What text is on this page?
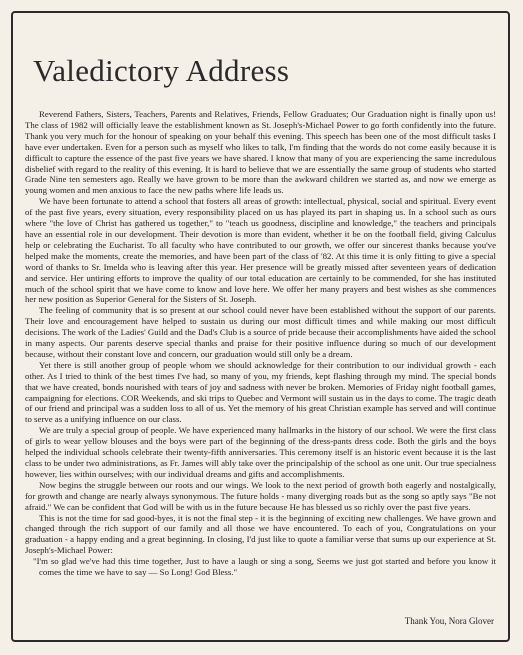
Valedictory Address

Reverend Fathers, Sisters, Teachers, Parents and Relatives, Friends, Fellow Graduates; Our Graduation night is finally upon us! The class of 1982 will officially leave the establishment known as St. Joseph's-Michael Power to go forth confidently into the future. Thank you very much for the honour of speaking on your behalf this evening. This speech has been one of the most difficult tasks I have ever undertaken. Even for a person such as myself who likes to talk, I'm finding that the words do not come easily because it is difficult to capture the essence of the past five years we have shared. I know that many of you are experiencing the same incredulous disbelief with regard to the reality of this evening. It is hard to believe that we are essentially the same group of students who started Grade Nine ten semesters ago. Really we have grown to be more than the awkward children we started as, and now we emerge as young women and men anxious to face the new paths where life leads us.

We have been fortunate to attend a school that fosters all areas of growth: intellectual, physical, social and spiritual. Every event of the past five years, every situation, every responsibility placed on us has played its part in shaping us. In a school such as ours where "the love of Christ has gathered us together," to "teach us goodness, discipline and knowledge," the teachers and principals have an essential role in our development. Their devotion is more than evident, whether it be on the football field, giving Calculus help or celebrating the Eucharist. To all faculty who have contributed to our growth, we offer our sincerest thanks because you've helped make the moments, create the memories, and have been part of the class of '82. At this time it is only fitting to give a special word of thanks to Sr. Imelda who is leaving after this year. Her presence will be greatly missed after seventeen years of dedication and service. Her untiring efforts to improve the quality of our total education are certainly to be commended, for she has instituted much of the school spirit that we have come to know and love here. We offer her many prayers and best wishes as she commences her new position as Superior General for the Sisters of St. Joseph.

The feeling of community that is so present at our school could never have been established without the support of our parents. Their love and encouragement have helped to sustain us during our most difficult times and while making our most difficult decisions. The work of the Ladies' Guild and the Dad's Club is a source of pride because their accomplishments have aided the school in many aspects. Our parents deserve special thanks and praise for their positive influence during so much of our development because, without their constant love and concern, our graduation would still only be a dream.

Yet there is still another group of people whom we should acknowledge for their contribution to our individual growth - each other. As I tried to think of the best times I've had, so many of you, my friends, kept flashing through my mind. The special bonds that we have created, bonds nourished with tears of joy and sadness with never be broken. Memories of Friday night football games, campaigning for elections. COR Weekends, and ski trips to Quebec and Vermont will sustain us in the days to come. The tragic death of our friend and principal was a sudden loss to all of us. Yet the memory of his great Christian example has served and will continue to serve as a unifying influence on our class.

We are truly a special group of people. We have experienced many hallmarks in the history of our school. We were the first class of girls to wear yellow blouses and the boys were part of the beginning of the dress-pants dress code. Both the girls and the boys helped the individual schools celebrate their twenty-fifth anniversaries. This ceremony itself is an historic event because it is the last class to be under two administrations, as Fr. James will ably take over the principalship of the school as one unit. Our true specialness however, lies within ourselves; with our individual dreams and gifts and accomplishments.

Now begins the struggle between our roots and our wings. We look to the next period of growth both eagerly and nostalgically, for growth and change are nearly always synonymous. The future holds - many diverging roads but as the song so aptly says "Be not afraid." We can be confident that God will be with us in the future because He has blessed us so richly over the past five years.

This is not the time for sad good-byes, it is not the final step - it is the beginning of exciting new challenges. We have grown and changed through the rich support of our family and all those we have encountered. To each of you, Congratulations on your graduation - a happy ending and a great beginning. In closing, I'd just like to quote a familiar verse that sums up our experience at St. Joseph's-Michael Power:

"I'm so glad we've had this time together, Just to have a laugh or sing a song, Seems we just got started and before you know it comes the time we have to say — So Long! God Bless."

Thank You, Nora Glover
